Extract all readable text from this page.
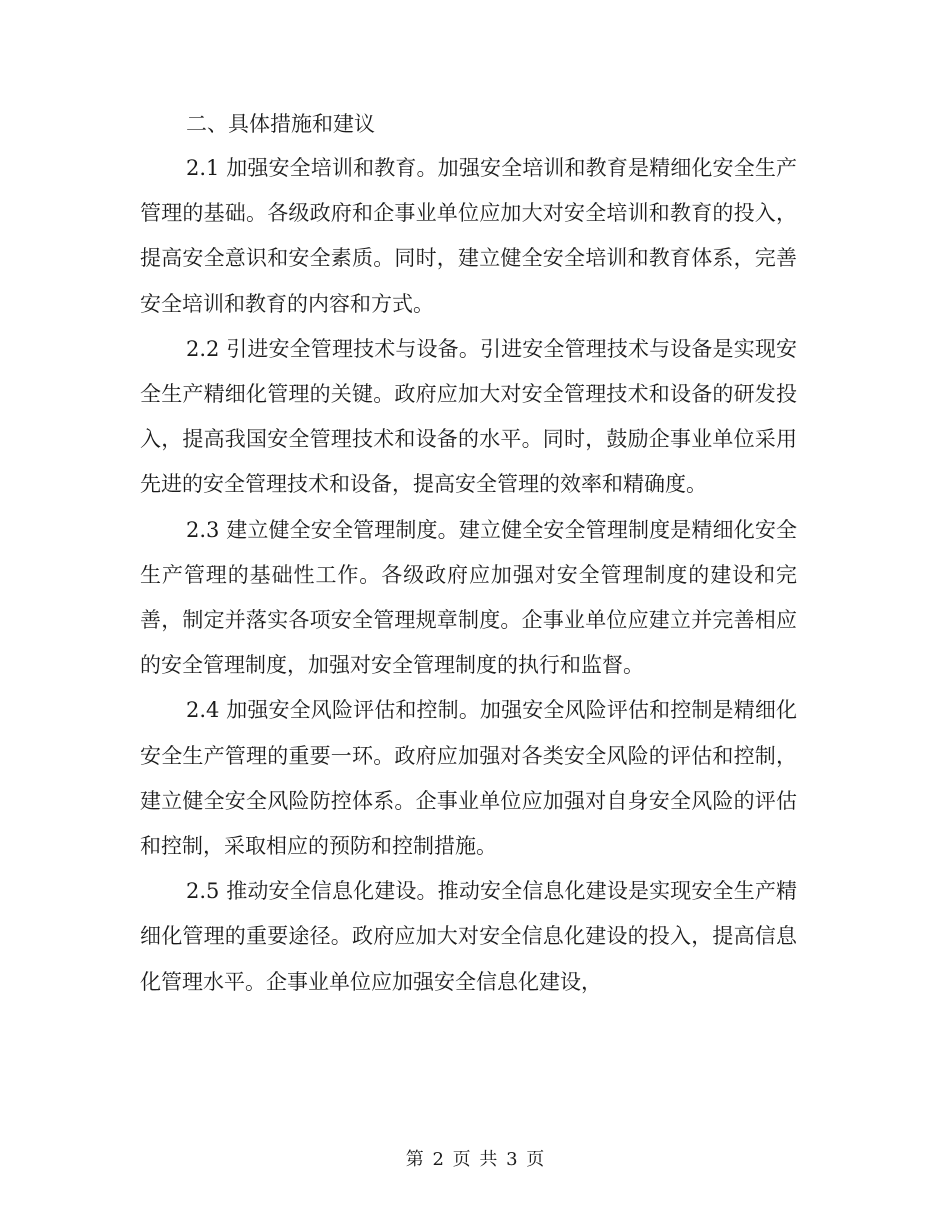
二、具体措施和建议

2.1 加强安全培训和教育。加强安全培训和教育是精细化安全生产管理的基础。各级政府和企事业单位应加大对安全培训和教育的投入，提高安全意识和安全素质。同时，建立健全安全培训和教育体系，完善安全培训和教育的内容和方式。

2.2 引进安全管理技术与设备。引进安全管理技术与设备是实现安全生产精细化管理的关键。政府应加大对安全管理技术和设备的研发投入，提高我国安全管理技术和设备的水平。同时，鼓励企事业单位采用先进的安全管理技术和设备，提高安全管理的效率和精确度。

2.3 建立健全安全管理制度。建立健全安全管理制度是精细化安全生产管理的基础性工作。各级政府应加强对安全管理制度的建设和完善，制定并落实各项安全管理规章制度。企事业单位应建立并完善相应的安全管理制度，加强对安全管理制度的执行和监督。

2.4 加强安全风险评估和控制。加强安全风险评估和控制是精细化安全生产管理的重要一环。政府应加强对各类安全风险的评估和控制，建立健全安全风险防控体系。企事业单位应加强对自身安全风险的评估和控制，采取相应的预防和控制措施。

2.5 推动安全信息化建设。推动安全信息化建设是实现安全生产精细化管理的重要途径。政府应加大对安全信息化建设的投入，提高信息化管理水平。企事业单位应加强安全信息化建设，

第 2 页 共 3 页
